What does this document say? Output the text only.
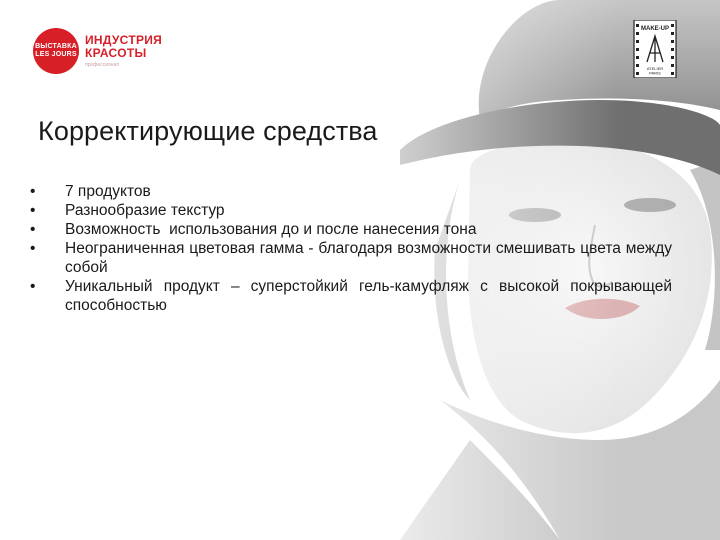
ВЫСТАВКА
LES JOURS
ИНДУСТРИЯ
КРАСОТЫ
профессионал
MAKE-UP
ATELIER PARIS
Корректирующие средства
• 7 продуктов
• Разнообразие текстур
• Возможность  использования до и после нанесения тона
• Неограниченная цветовая гамма - благодаря возможности смешивать цвета между собой
• Уникальный продукт – суперстойкий гель-камуфляж с высокой покрывающей способностью
